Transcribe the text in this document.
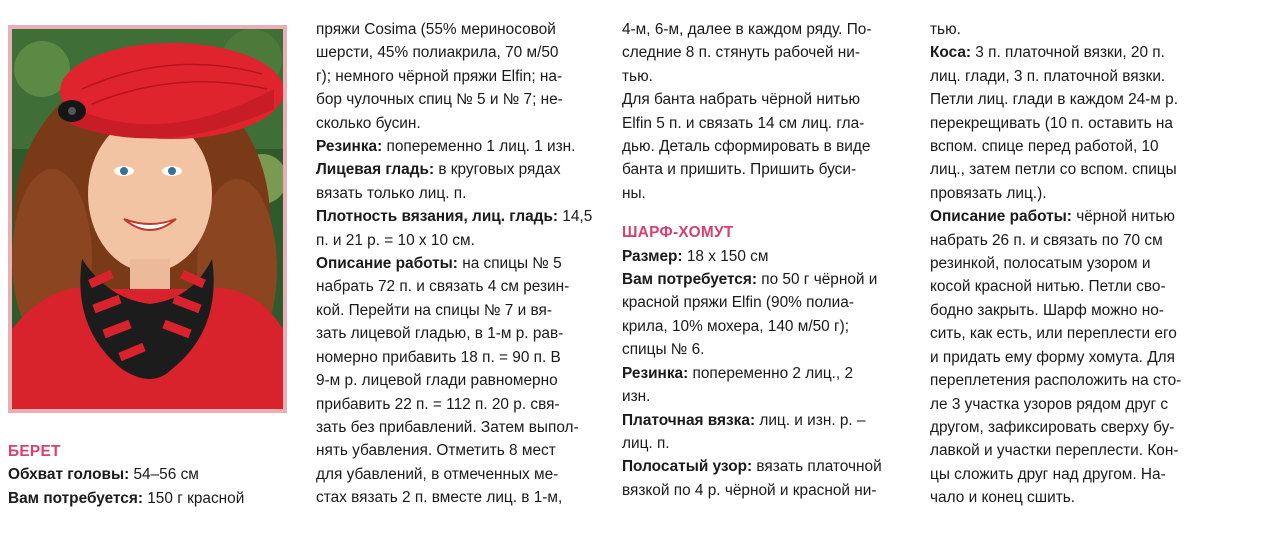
БЕРЕТ

Обхват головы: 54–56 см

Вам потребуется: 150 г красной

пряжи Cosima (55% мериносовой

шерсти, 45% полиакрила, 70 м/50

г); немного чёрной пряжи Elfin; на-

бор чулочных спиц № 5 и № 7; не-

сколько бусин.

Резинка: попеременно 1 лиц. 1 изн.

Лицевая гладь: в круговых рядах

вязать только лиц. п.

Плотность вязания, лиц. гладь: 14,5

п. и 21 р. = 10 х 10 см.

Описание работы: на спицы № 5

набрать 72 п. и связать 4 см резин-

кой. Перейти на спицы № 7 и вя-

зать лицевой гладью, в 1-м р. рав-

номерно прибавить 18 п. = 90 п. В

9-м р. лицевой глади равномерно

прибавить 22 п. = 112 п. 20 р. свя-

зать без прибавлений. Затем выпол-

нять убавления. Отметить 8 мест

для убавлений, в отмеченных ме-

стах вязать 2 п. вместе лиц. в 1-м,

4-м, 6-м, далее в каждом ряду. По-

следние 8 п. стянуть рабочей ни-

тью.

Для банта набрать чёрной нитью

Elfin 5 п. и связать 14 см лиц. гла-

дью. Деталь сформировать в виде

банта и пришить. Пришить буси-

ны.

ШАРФ-ХОМУТ

Размер: 18 х 150 см

Вам потребуется: по 50 г чёрной и

красной пряжи Elfin (90% полиа-

крила, 10% мохера, 140 м/50 г);

спицы № 6.

Резинка: попеременно 2 лиц., 2

изн.

Платочная вязка: лиц. и изн. р. –

лиц. п.

Полосатый узор: вязать платочной

вязкой по 4 р. чёрной и красной ни-

тью.

Коса: 3 п. платочной вязки, 20 п.

лиц. глади, 3 п. платочной вязки.

Петли лиц. глади в каждом 24-м р.

перекрещивать (10 п. оставить на

вспом. спице перед работой, 10

лиц., затем петли со вспом. спицы

провязать лиц.).

Описание работы: чёрной нитью

набрать 26 п. и связать по 70 см

резинкой, полосатым узором и

косой красной нитью. Петли сво-

бодно закрыть. Шарф можно но-

сить, как есть, или переплести его

и придать ему форму хомута. Для

переплетения расположить на сто-

ле 3 участка узоров рядом друг с

другом, зафиксировать сверху бу-

лавкой и участки переплести. Кон-

цы сложить друг над другом. На-

чало и конец сшить.
